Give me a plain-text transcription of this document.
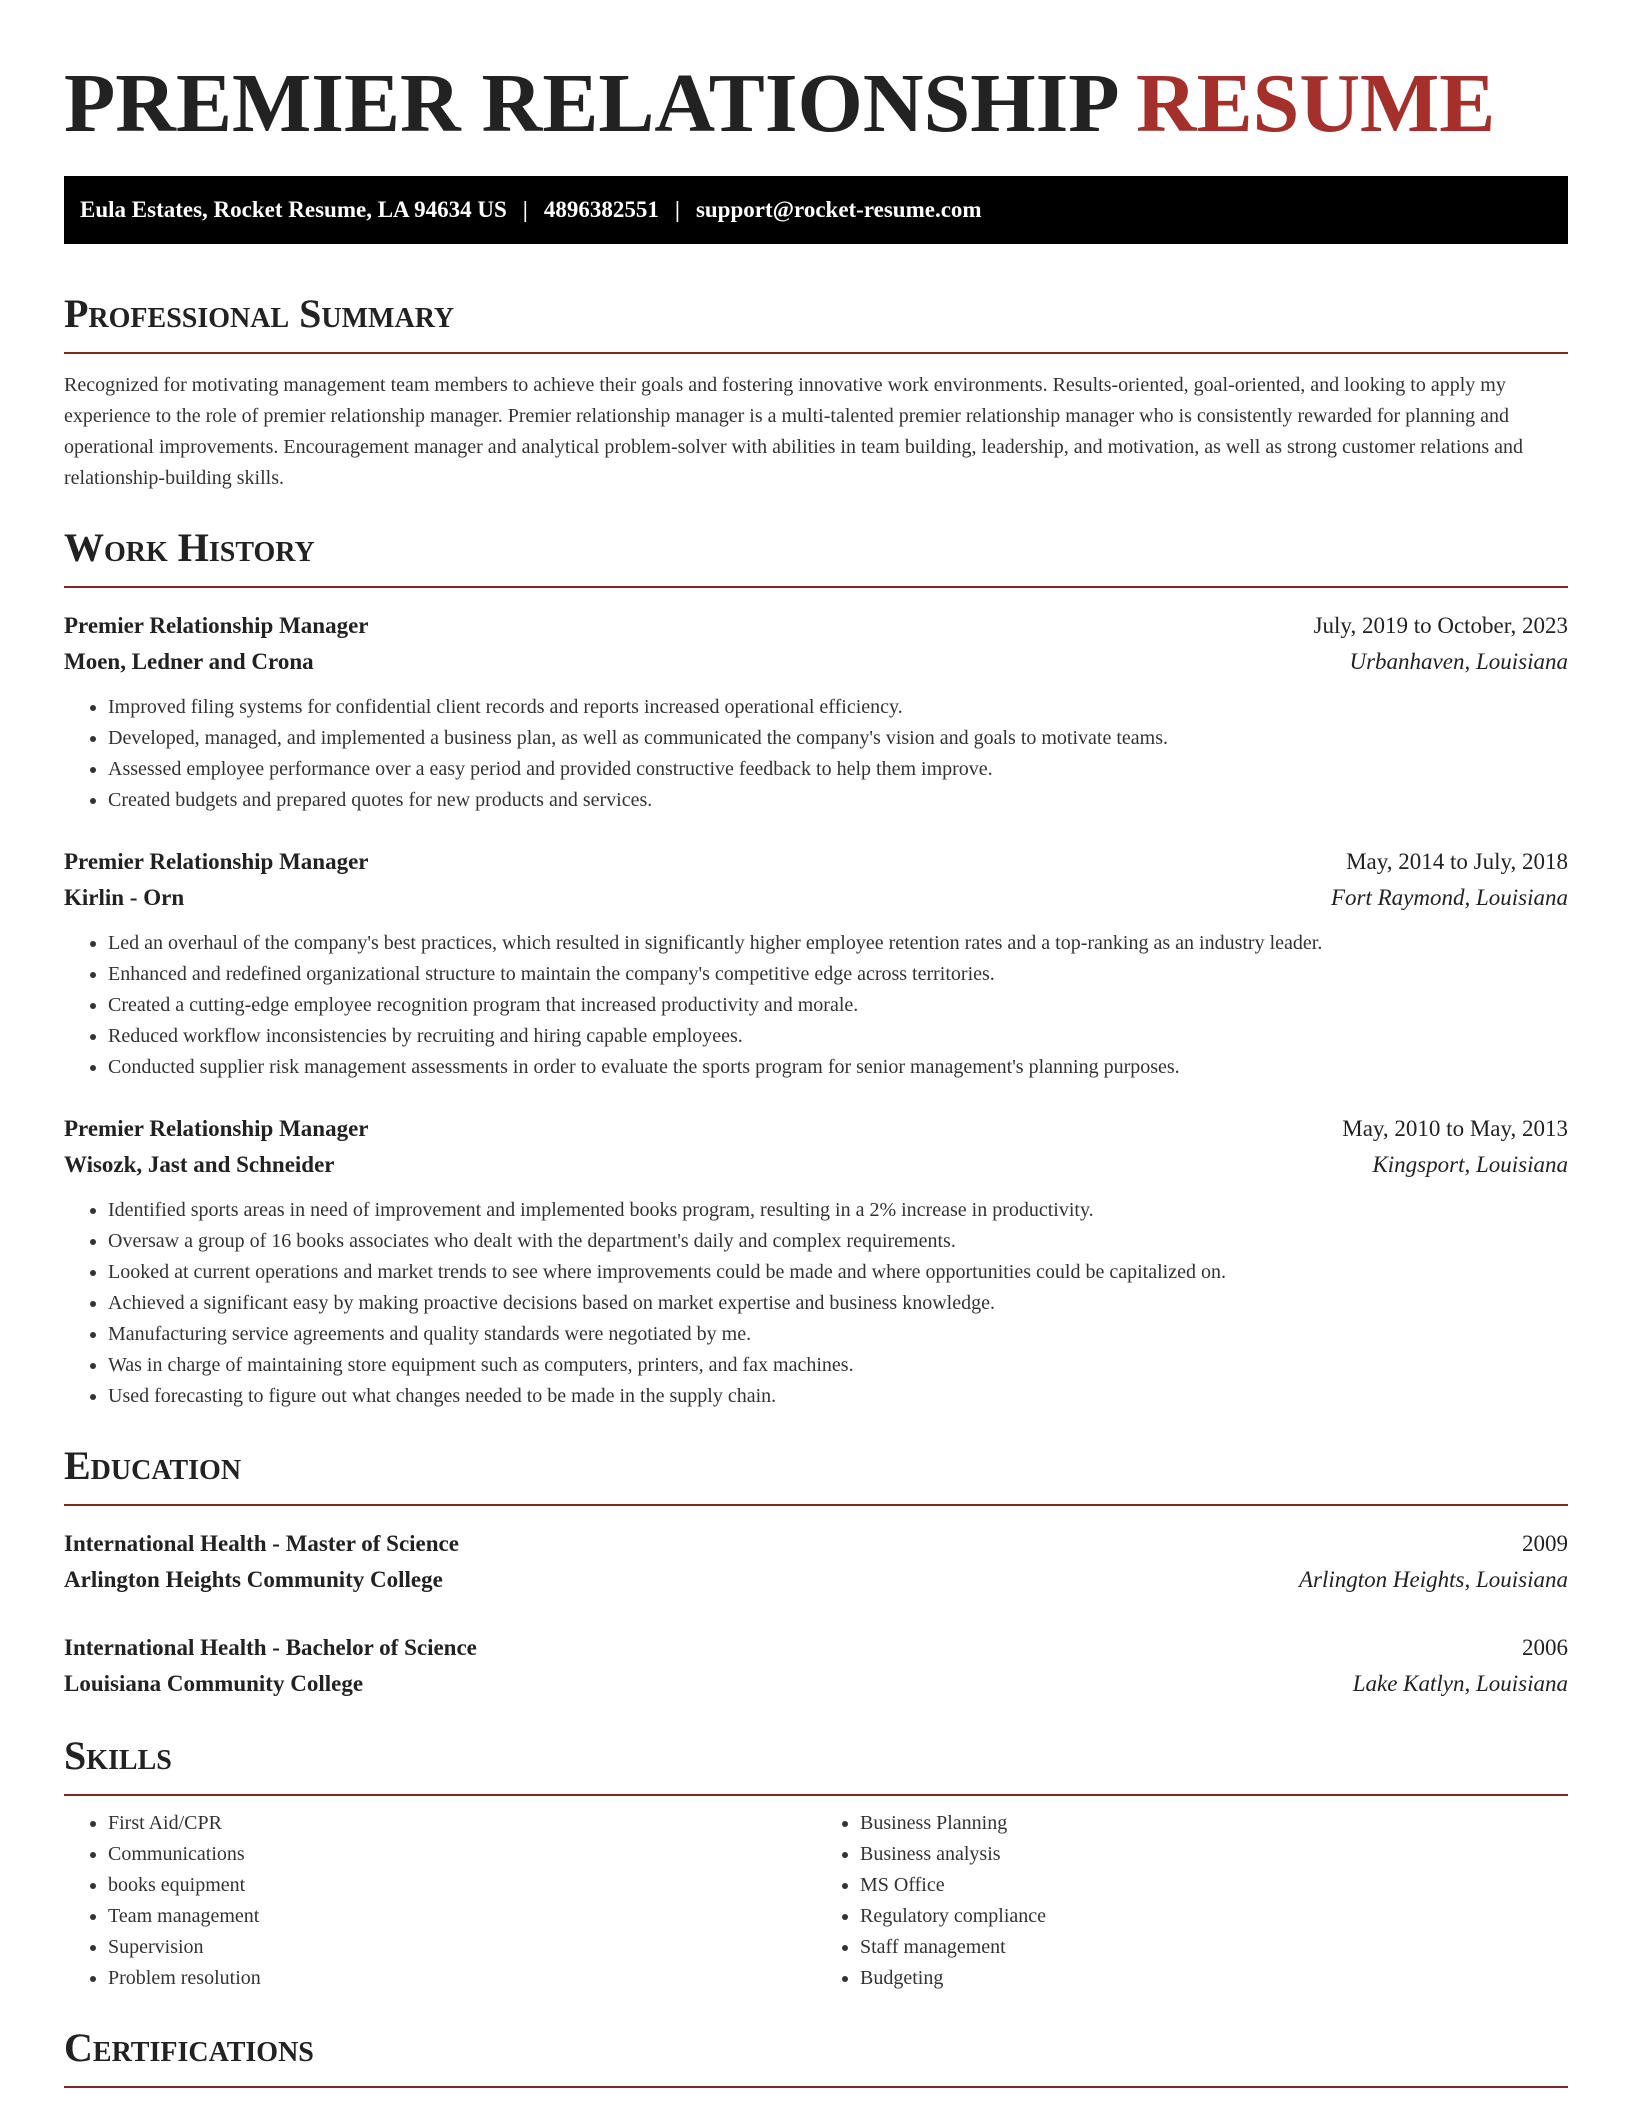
PREMIER RELATIONSHIP RESUME
Eula Estates, Rocket Resume, LA 94634 US | 4896382551 | support@rocket-resume.com
Professional Summary

Recognized for motivating management team members to achieve their goals and fostering innovative work environments. Results-oriented, goal-oriented, and looking to apply my experience to the role of premier relationship manager. Premier relationship manager is a multi-talented premier relationship manager who is consistently rewarded for planning and operational improvements. Encouragement manager and analytical problem-solver with abilities in team building, leadership, and motivation, as well as strong customer relations and relationship-building skills.

Work History
Premier Relationship Manager	July, 2019 to October, 2023
Moen, Ledner and Crona	Urbanhaven, Louisiana
• Improved filing systems for confidential client records and reports increased operational efficiency.
• Developed, managed, and implemented a business plan, as well as communicated the company's vision and goals to motivate teams.
• Assessed employee performance over a easy period and provided constructive feedback to help them improve.
• Created budgets and prepared quotes for new products and services.
Premier Relationship Manager	May, 2014 to July, 2018
Kirlin - Orn	Fort Raymond, Louisiana
• Led an overhaul of the company's best practices, which resulted in significantly higher employee retention rates and a top-ranking as an industry leader.
• Enhanced and redefined organizational structure to maintain the company's competitive edge across territories.
• Created a cutting-edge employee recognition program that increased productivity and morale.
• Reduced workflow inconsistencies by recruiting and hiring capable employees.
• Conducted supplier risk management assessments in order to evaluate the sports program for senior management's planning purposes.
Premier Relationship Manager	May, 2010 to May, 2013
Wisozk, Jast and Schneider	Kingsport, Louisiana
• Identified sports areas in need of improvement and implemented books program, resulting in a 2% increase in productivity.
• Oversaw a group of 16 books associates who dealt with the department's daily and complex requirements.
• Looked at current operations and market trends to see where improvements could be made and where opportunities could be capitalized on.
• Achieved a significant easy by making proactive decisions based on market expertise and business knowledge.
• Manufacturing service agreements and quality standards were negotiated by me.
• Was in charge of maintaining store equipment such as computers, printers, and fax machines.
• Used forecasting to figure out what changes needed to be made in the supply chain.
Education
International Health - Master of Science	2009
Arlington Heights Community College	Arlington Heights, Louisiana
International Health - Bachelor of Science	2006
Louisiana Community College	Lake Katlyn, Louisiana
Skills
• First Aid/CPR
• Communications
• books equipment
• Team management
• Supervision
• Problem resolution
• Business Planning
• Business analysis
• MS Office
• Regulatory compliance
• Staff management
• Budgeting
Certifications
